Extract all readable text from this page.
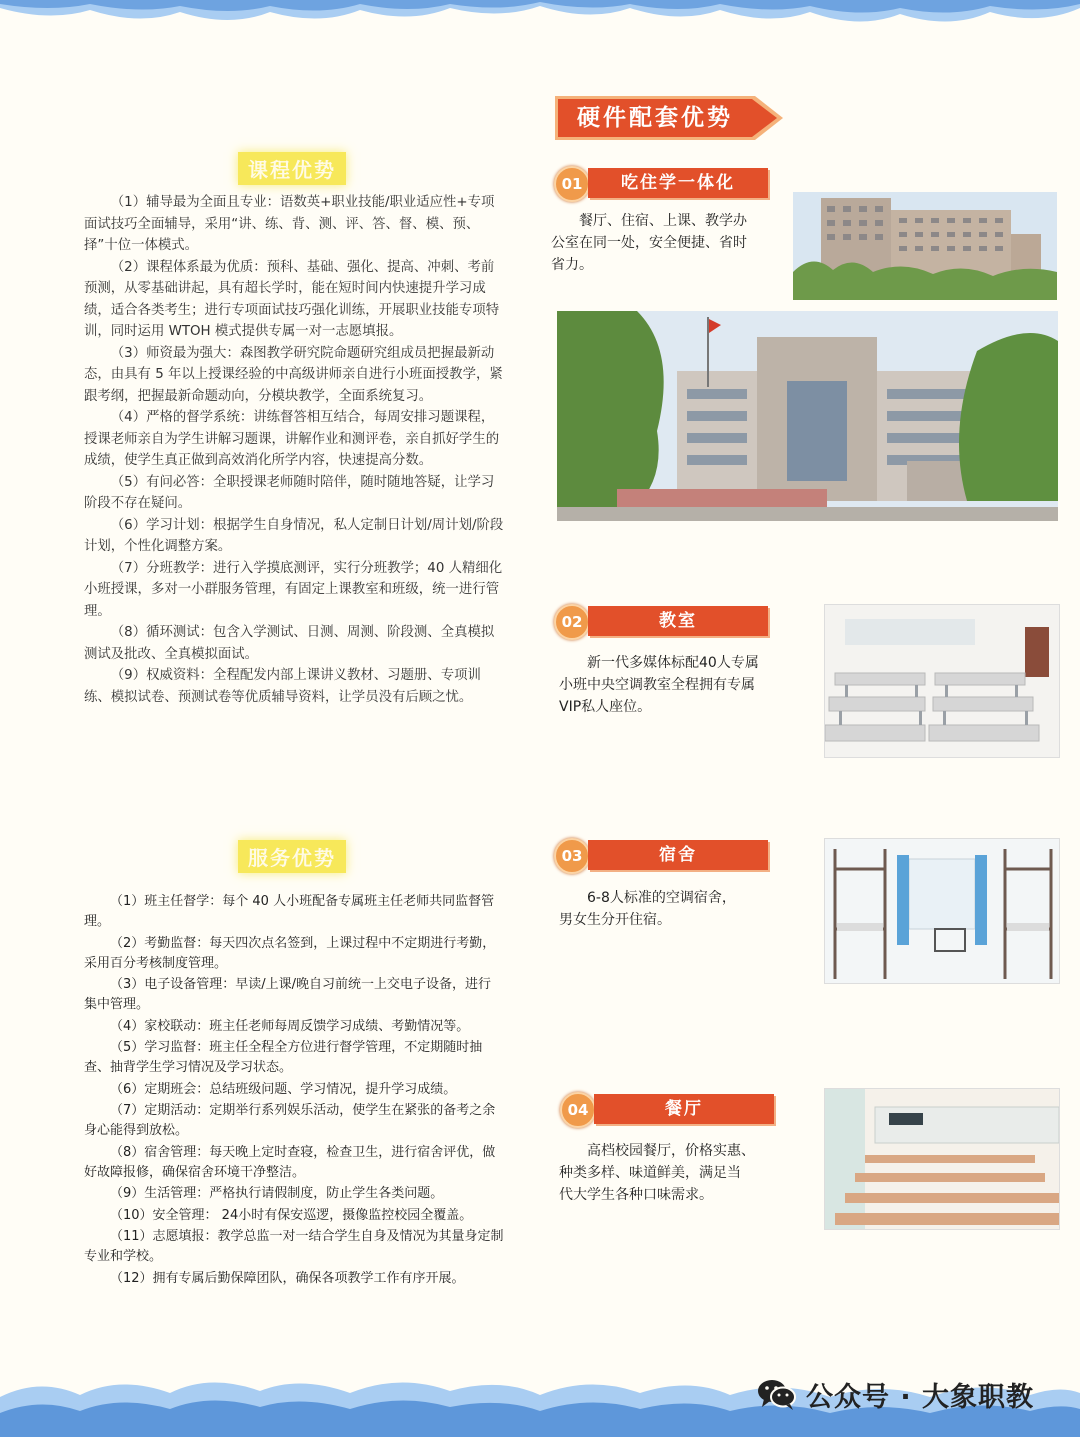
课程优势

（1）辅导最为全面且专业：语数英+职业技能/职业适应性+专项面试技巧全面辅导，采用“讲、练、背、测、评、答、督、模、预、择”十位一体模式。

（2）课程体系最为优质：预科、基础、强化、提高、冲刺、考前预测，从零基础讲起，具有超长学时，能在短时间内快速提升学习成绩，适合各类考生；进行专项面试技巧强化训练，开展职业技能专项特训，同时运用 WTOH 模式提供专属一对一志愿填报。

（3）师资最为强大：森图教学研究院命题研究组成员把握最新动态，由具有 5 年以上授课经验的中高级讲师亲自进行小班面授教学，紧跟考纲，把握最新命题动向，分模块教学，全面系统复习。

（4）严格的督学系统：讲练督答相互结合，每周安排习题课程，授课老师亲自为学生讲解习题课，讲解作业和测评卷，亲自抓好学生的成绩，使学生真正做到高效消化所学内容，快速提高分数。

（5）有问必答：全职授课老师随时陪伴，随时随地答疑，让学习阶段不存在疑问。

（6）学习计划：根据学生自身情况，私人定制日计划/周计划/阶段计划，个性化调整方案。

（7）分班教学：进行入学摸底测评，实行分班教学；40 人精细化小班授课，多对一小群服务管理，有固定上课教室和班级，统一进行管理。

（8）循环测试：包含入学测试、日测、周测、阶段测、全真模拟测试及批改、全真模拟面试。

（9）权威资料：全程配发内部上课讲义教材、习题册、专项训练、模拟试卷、预测试卷等优质辅导资料，让学员没有后顾之忧。

服务优势

（1）班主任督学：每个 40 人小班配备专属班主任老师共同监督管理。

（2）考勤监督：每天四次点名签到，上课过程中不定期进行考勤，采用百分考核制度管理。

（3）电子设备管理：早读/上课/晚自习前统一上交电子设备，进行集中管理。

（4）家校联动：班主任老师每周反馈学习成绩、考勤情况等。

（5）学习监督：班主任全程全方位进行督学管理，不定期随时抽查、抽背学生学习情况及学习状态。

（6）定期班会：总结班级问题、学习情况，提升学习成绩。

（7）定期活动：定期举行系列娱乐活动，使学生在紧张的备考之余身心能得到放松。

（8）宿舍管理：每天晚上定时查寝，检查卫生，进行宿舍评优，做好故障报修，确保宿舍环境干净整洁。

（9）生活管理：严格执行请假制度，防止学生各类问题。

（10）安全管理： 24小时有保安巡逻，摄像监控校园全覆盖。

（11）志愿填报：教学总监一对一结合学生自身及情况为其量身定制专业和学校。

（12）拥有专属后勤保障团队，确保各项教学工作有序开展。

硬件配套优势
01	吃住学一体化
餐厅、住宿、上课、教学办
公室在同一处，安全便捷、省时
省力。
02	教室
新一代多媒体标配40人专属
小班中央空调教室全程拥有专属
VIP私人座位。
03	宿舍
6-8人标准的空调宿舍，
男女生分开住宿。
04	餐厅
高档校园餐厅，价格实惠、
种类多样、味道鲜美，满足当
代大学生各种口味需求。
公众号 · 大象职教
